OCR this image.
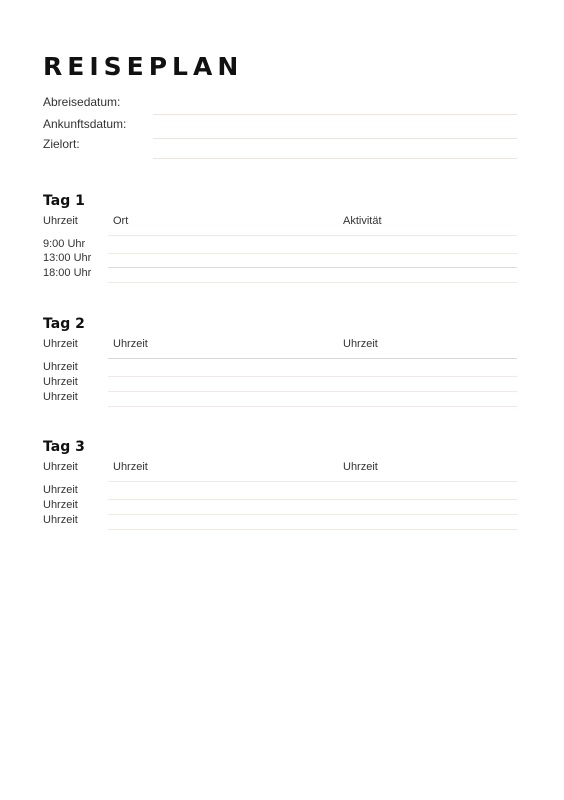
REISEPLAN
Abreisedatum:
Ankunftsdatum:
Zielort:
Tag 1
Uhrzeit	Ort	Aktivität
9:00 Uhr
13:00 Uhr
18:00 Uhr
Tag 2
Uhrzeit	Uhrzeit	Uhrzeit
Uhrzeit
Uhrzeit
Uhrzeit
Tag 3
Uhrzeit	Uhrzeit	Uhrzeit
Uhrzeit
Uhrzeit
Uhrzeit
